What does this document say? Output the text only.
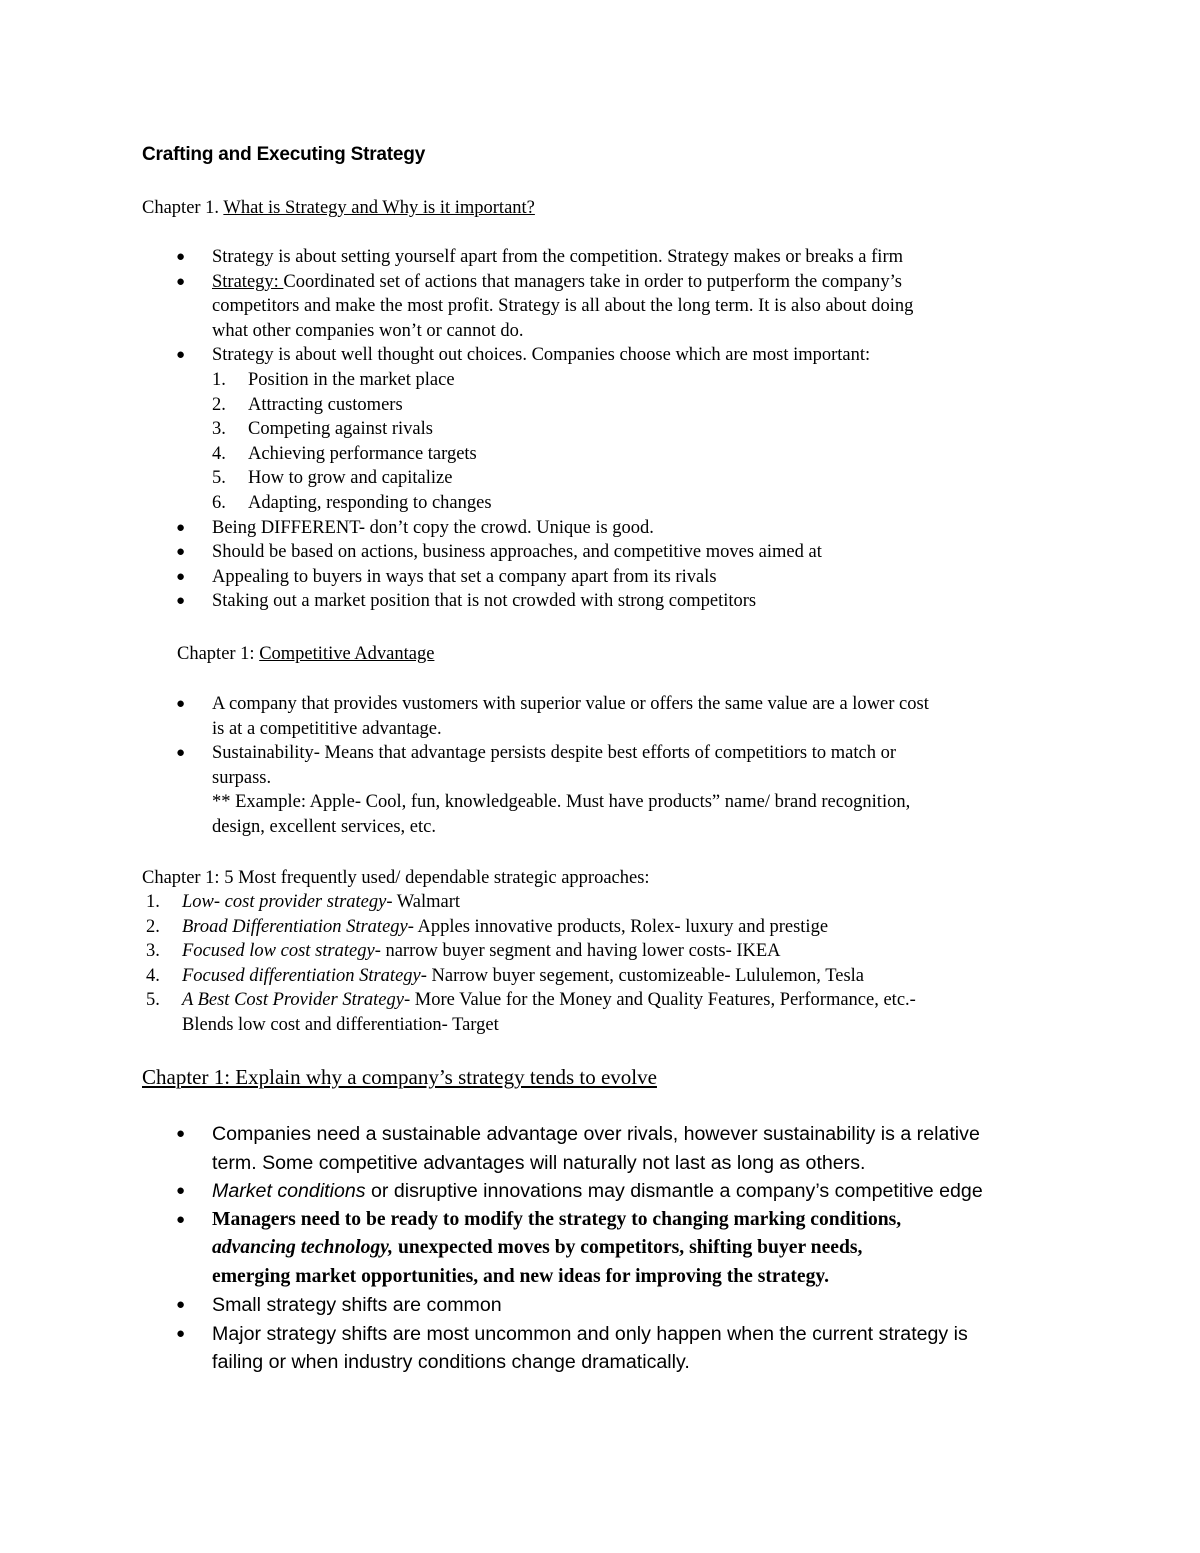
Crafting and Executing Strategy

Chapter 1. What is Strategy and Why is it important?

● Strategy is about setting yourself apart from the competition. Strategy makes or breaks a firm
● Strategy: Coordinated set of actions that managers take in order to putperform the company’s
competitors and make the most profit. Strategy is all about the long term. It is also about doing
what other companies won’t or cannot do.
● Strategy is about well thought out choices. Companies choose which are most important:
1.	Position in the market place
2.	Attracting customers
3.	Competing against rivals
4.	Achieving performance targets
5.	How to grow and capitalize
6.	Adapting, responding to changes
● Being DIFFERENT- don’t copy the crowd. Unique is good.
● Should be based on actions, business approaches, and competitive moves aimed at
● Appealing to buyers in ways that set a company apart from its rivals
● Staking out a market position that is not crowded with strong competitors

Chapter 1: Competitive Advantage

● A company that provides vustomers with superior value or offers the same value are a lower cost
is at a competititive advantage.
● Sustainability- Means that advantage persists despite best efforts of competitiors to match or
surpass.
** Example: Apple- Cool, fun, knowledgeable. Must have products” name/ brand recognition,
design, excellent services, etc.

Chapter 1: 5 Most frequently used/ dependable strategic approaches:

1.	Low- cost provider strategy- Walmart
2.	Broad Differentiation Strategy- Apples innovative products, Rolex- luxury and prestige
3.	Focused low cost strategy- narrow buyer segment and having lower costs- IKEA
4.	Focused differentiation Strategy- Narrow buyer segement, customizeable- Lululemon, Tesla
5.	A Best Cost Provider Strategy- More Value for the Money and Quality Features, Performance, etc.-
Blends low cost and differentiation- Target

Chapter 1: Explain why a company’s strategy tends to evolve

● Companies need a sustainable advantage over rivals, however sustainability is a relative
term. Some competitive advantages will naturally not last as long as others.
● Market conditions or disruptive innovations may dismantle a company’s competitive edge
● Managers need to be ready to modify the strategy to changing marking conditions,
advancing technology, unexpected moves by competitors, shifting buyer needs,
emerging market opportunities, and new ideas for improving the strategy.
● Small strategy shifts are common
● Major strategy shifts are most uncommon and only happen when the current strategy is
failing or when industry conditions change dramatically.
